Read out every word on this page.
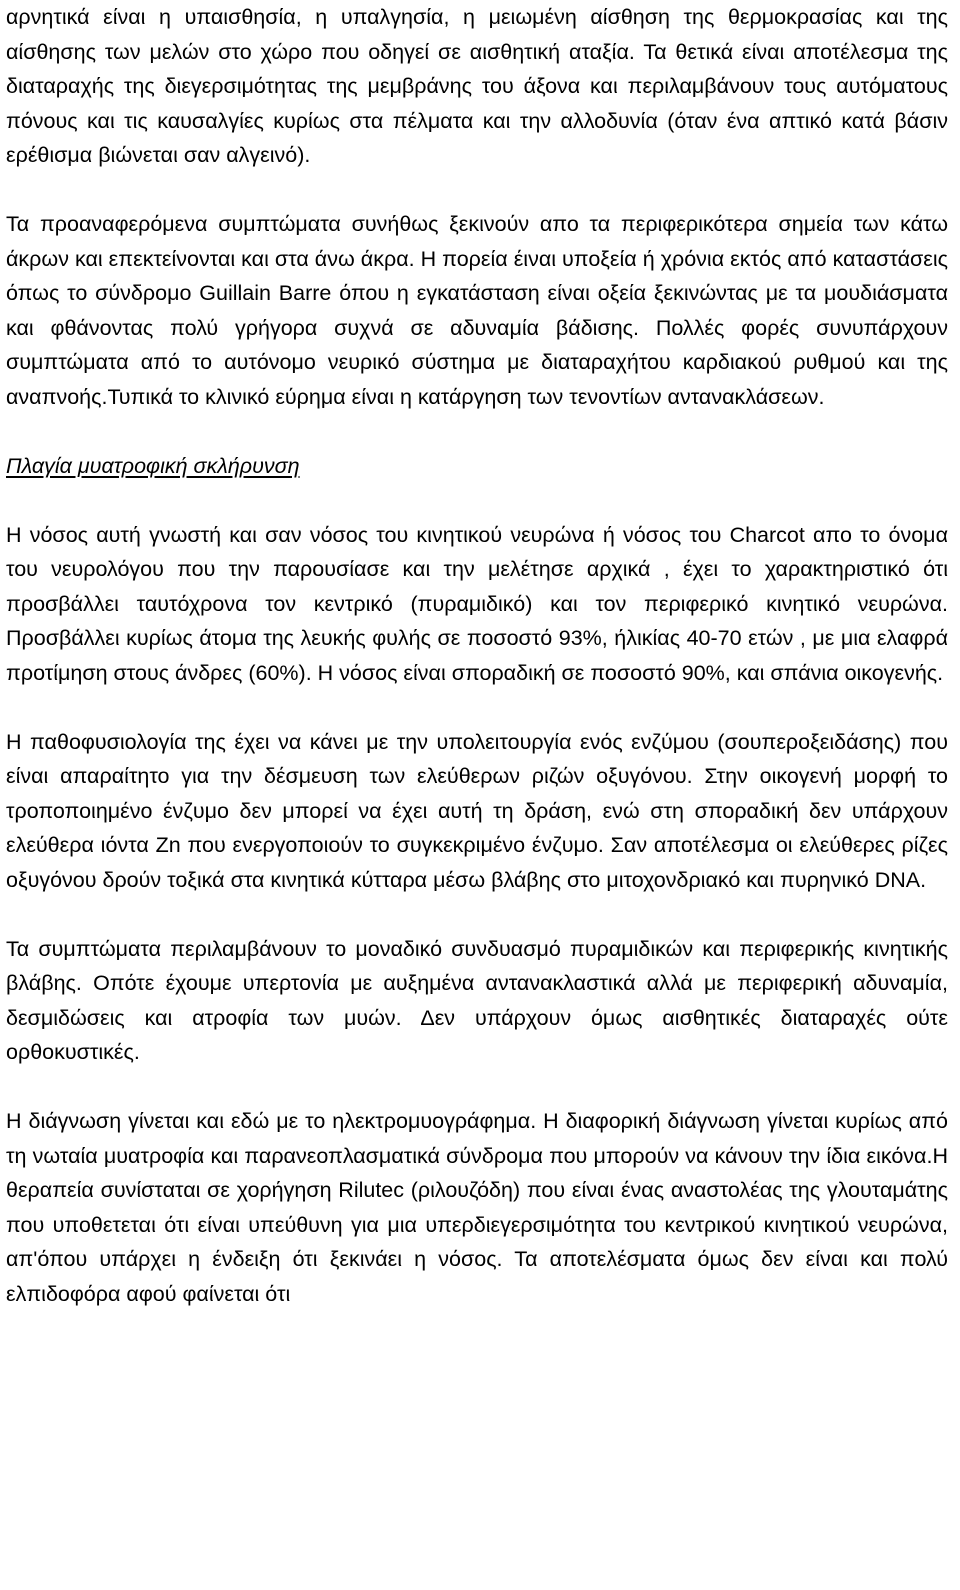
αρνητικά είναι η υπαισθησία, η υπαλγησία, η μειωμένη αίσθηση της θερμοκρασίας και της αίσθησης των μελών στο χώρο που οδηγεί σε αισθητική αταξία. Τα θετικά είναι αποτέλεσμα της διαταραχής της διεγερσιμότητας της μεμβράνης του άξονα και περιλαμβάνουν τους αυτόματους πόνους και τις καυσαλγίες κυρίως στα πέλματα και την αλλοδυνία (όταν ένα απτικό κατά βάσιν ερέθισμα βιώνεται σαν αλγεινό).

Τα προαναφερόμενα συμπτώματα συνήθως ξεκινούν απο τα περιφερικότερα σημεία των κάτω άκρων και επεκτείνονται και στα άνω άκρα. Η πορεία έιναι υποξεία ή χρόνια εκτός από καταστάσεις όπως το σύνδρομο Guillain Barre όπου η εγκατάσταση είναι οξεία ξεκινώντας με τα μουδιάσματα και φθάνοντας πολύ γρήγορα συχνά σε αδυναμία βάδισης. Πολλές φορές συνυπάρχουν συμπτώματα από το αυτόνομο νευρικό σύστημα με διαταραχήτου καρδιακού ρυθμού και της αναπνοής.Τυπικά το κλινικό εύρημα είναι η κατάργηση των τενοντίων αντανακλάσεων.

Πλαγία μυατροφική σκλήρυνση

Η νόσος αυτή γνωστή και σαν νόσος του κινητικού νευρώνα ή νόσος του Charcot απο το όνομα του νευρολόγου που την παρουσίασε και την μελέτησε αρχικά , έχει το χαρακτηριστικό ότι προσβάλλει ταυτόχρονα τον κεντρικό (πυραμιδικό) και τον περιφερικό κινητικό νευρώνα. Προσβάλλει κυρίως άτομα της λευκής φυλής σε ποσοστό 93%, ήλικίας 40-70 ετών , με μια ελαφρά προτίμηση στους άνδρες (60%). Η νόσος είναι σποραδική σε ποσοστό 90%, και σπάνια οικογενής.

Η παθοφυσιολογία της έχει να κάνει με την υπολειτουργία ενός ενζύμου (σουπεροξειδάσης) που είναι απαραίτητο για την δέσμευση των ελεύθερων ριζών οξυγόνου. Στην οικογενή μορφή το τροποποιημένο ένζυμο δεν μπορεί να έχει αυτή τη δράση, ενώ στη σποραδική δεν υπάρχουν ελεύθερα ιόντα Zn που ενεργοποιούν το συγκεκριμένο ένζυμο. Σαν αποτέλεσμα οι ελεύθερες ρίζες οξυγόνου δρούν τοξικά στα κινητικά κύτταρα μέσω βλάβης στο μιτοχονδριακό και πυρηνικό DNA.

Τα συμπτώματα περιλαμβάνουν το μοναδικό συνδυασμό πυραμιδικών και περιφερικής κινητικής βλάβης. Οπότε έχουμε υπερτονία με αυξημένα αντανακλαστικά αλλά με περιφερική αδυναμία, δεσμιδώσεις και ατροφία των μυών. Δεν υπάρχουν όμως αισθητικές διαταραχές ούτε ορθοκυστικές.

Η διάγνωση γίνεται και εδώ με το ηλεκτρομυογράφημα. Η διαφορική διάγνωση γίνεται κυρίως από τη νωταία μυατροφία και παρανεοπλασματικά σύνδρομα που μπορούν να κάνουν την ίδια εικόνα.Η θεραπεία συνίσταται σε χορήγηση Rilutec (ριλουζόδη) που είναι ένας αναστολέας της γλουταμάτης που υποθετεται ότι είναι υπεύθυνη για μια υπερδιεγερσιμότητα του κεντρικού κινητικού νευρώνα, απ'όπου υπάρχει η ένδειξη ότι ξεκινάει η νόσος. Τα αποτελέσματα όμως δεν είναι και πολύ ελπιδοφόρα αφού φαίνεται ότι
